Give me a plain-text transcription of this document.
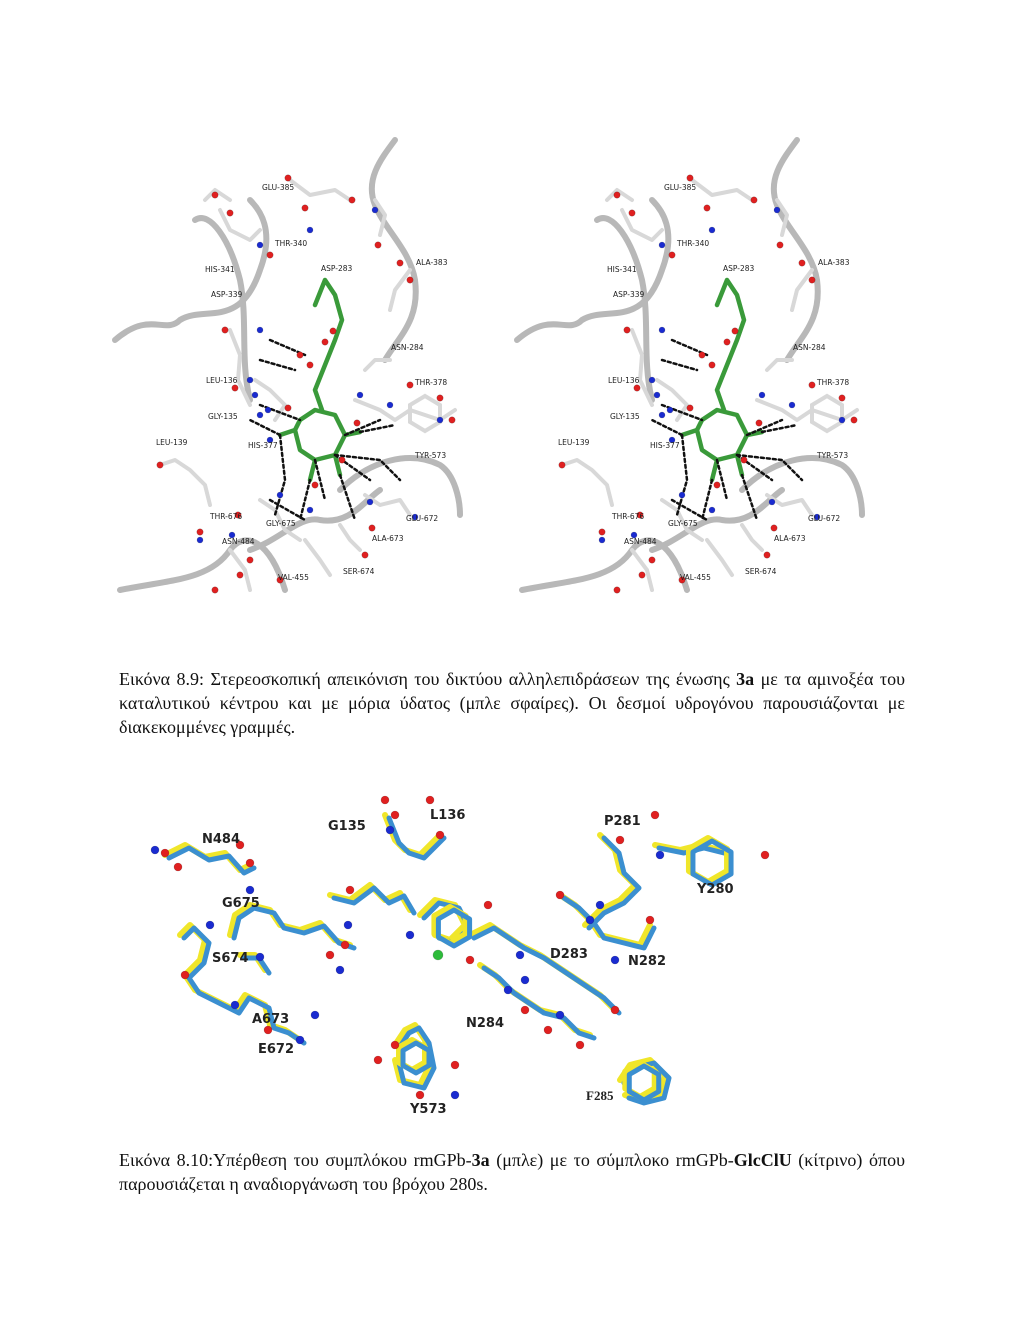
GLU-385
THR-340
HIS-341	ASP-283
ALA-383
ASP-339
ASN-284
LEU-136	THR-378
GLY-135
HIS-377
TYR-573
LEU-139
THR-676
GLY-675
GLU-672
ASN-484	ALA-673
VAL-455
SER-674
GLU-385
THR-340
HIS-341	ASP-283
ALA-383
ASP-339
ASN-284
LEU-136	THR-378
GLY-135
HIS-377
TYR-573
LEU-139
THR-676
GLY-675
GLU-672
ASN-484	ALA-673
VAL-455
SER-674
Εικόνα 8.9: Στερεοσκοπική απεικόνιση του δικτύου αλληλεπιδράσεων της ένωσης 3a με τα αμινοξέα του καταλυτικού κέντρου και με μόρια ύδατος (μπλε σφαίρες). Οι δεσμοί υδρογόνου παρουσιάζονται με διακεκομμένες γραμμές.
G135
L136	P281
N484
Y280
G675
D283	N282
S674
A673	N284
E672
Y573
F285
Εικόνα 8.10:Υπέρθεση του συμπλόκου rmGPb-3a (μπλε) με το σύμπλοκο rmGPb-GlcClU (κίτρινο) όπου παρουσιάζεται η αναδιοργάνωση του βρόχου 280s.
